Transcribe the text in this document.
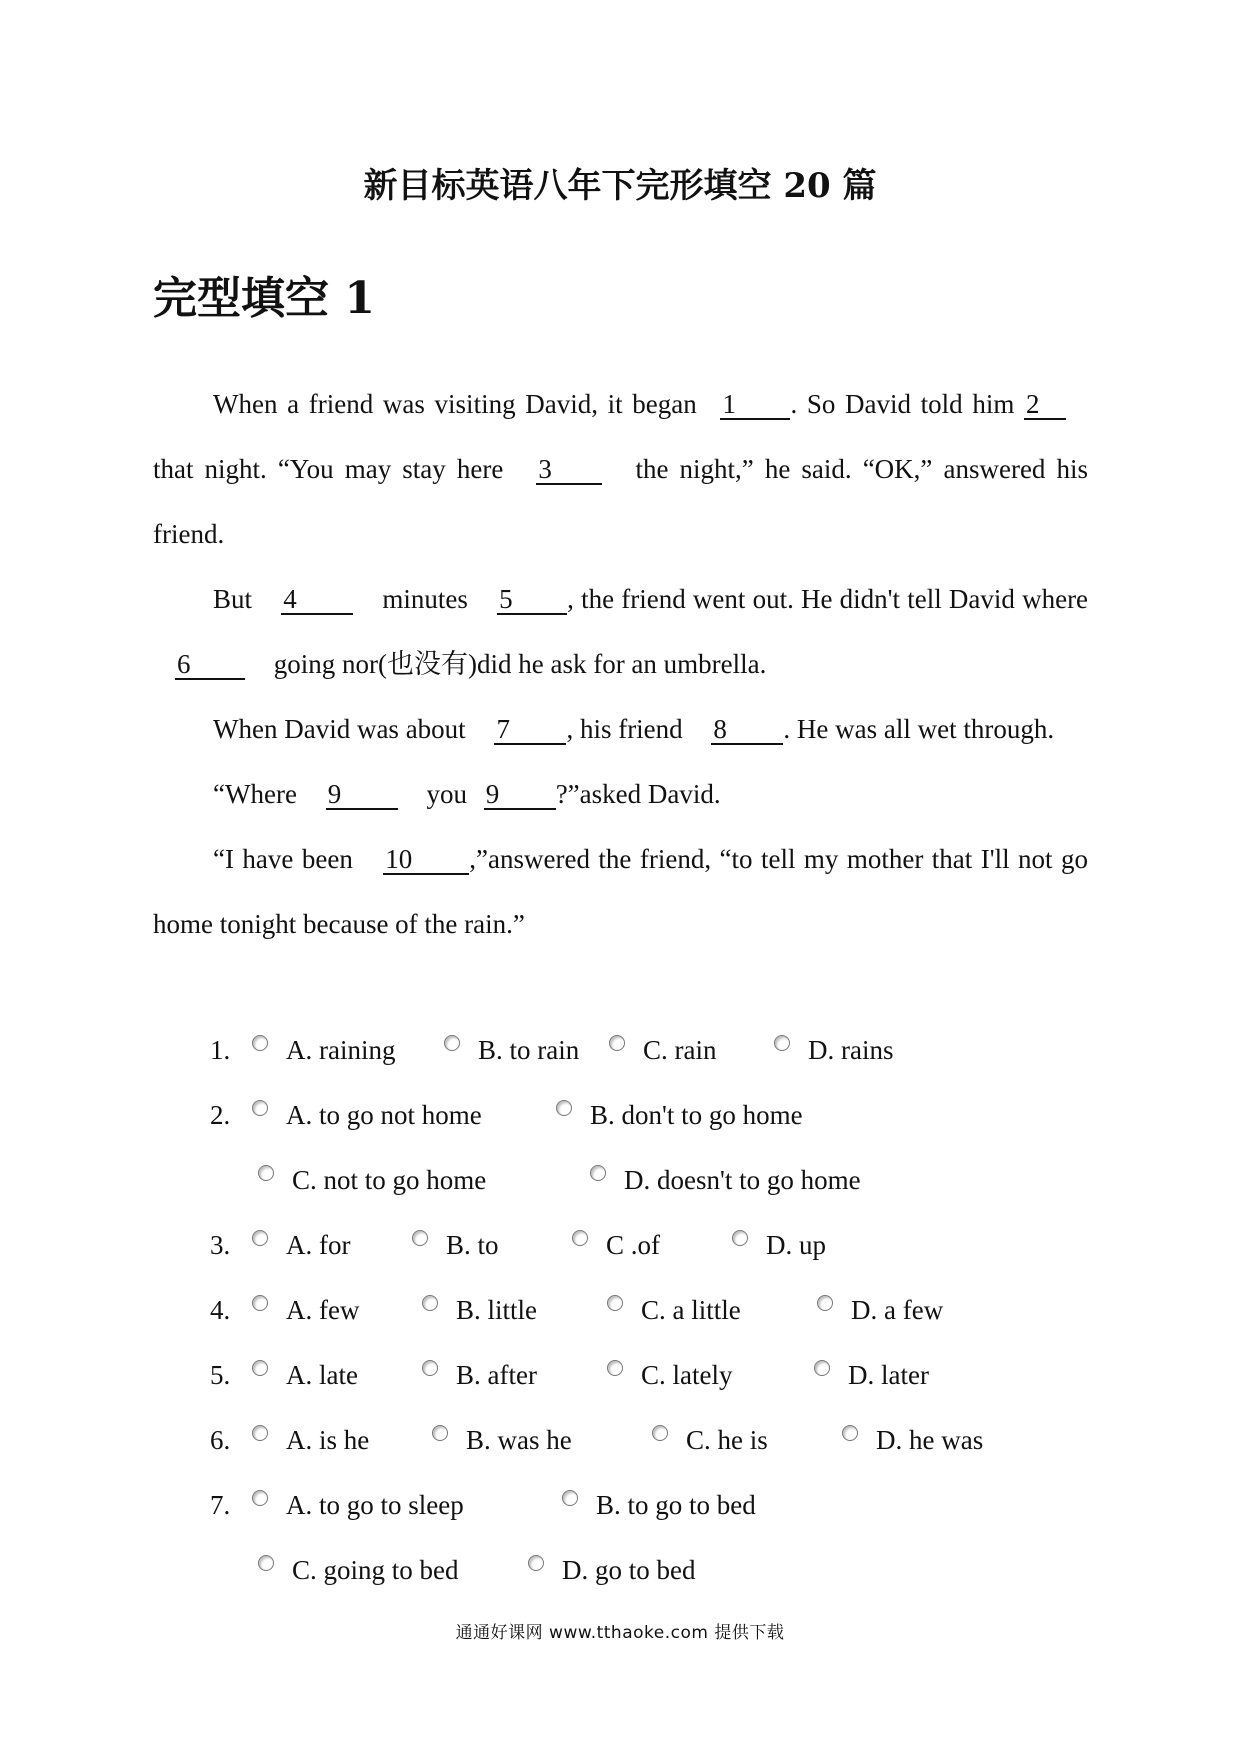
新目标英语八年下完形填空 20 篇
完型填空 1

When a friend was visiting David, it began 1 . So David told him 2 that night. “You may stay here 3	the night,” he said. “OK,” answered his friend.

But 4	minutes 5 , the friend went out. He didn't tell David where 6	going nor(也没有)did he ask for an umbrella.

When David was about 7 , his friend 8 . He was all wet through.

“Where 9	you 9 ?”asked David.

“I have been 10 ,”answered the friend, “to tell my mother that I'll not go home tonight because of the rain.”

1.	A. raining	B. to rain C. rain	D. rains
2.	A. to go not home	B. don't to go home
C. not to go home	D. doesn't to go home
3.	A. for	B. to	C .of	D. up
4.	A. few	B. little	C. a little	D. a few
5.	A. late	B. after	C. lately	D. later
6.	A. is he	B. was he	C. he is	D. he was
7.	A. to go to sleep	B. to go to bed
C. going to bed	D. go to bed
通通好课网 www.tthaoke.com 提供下载
